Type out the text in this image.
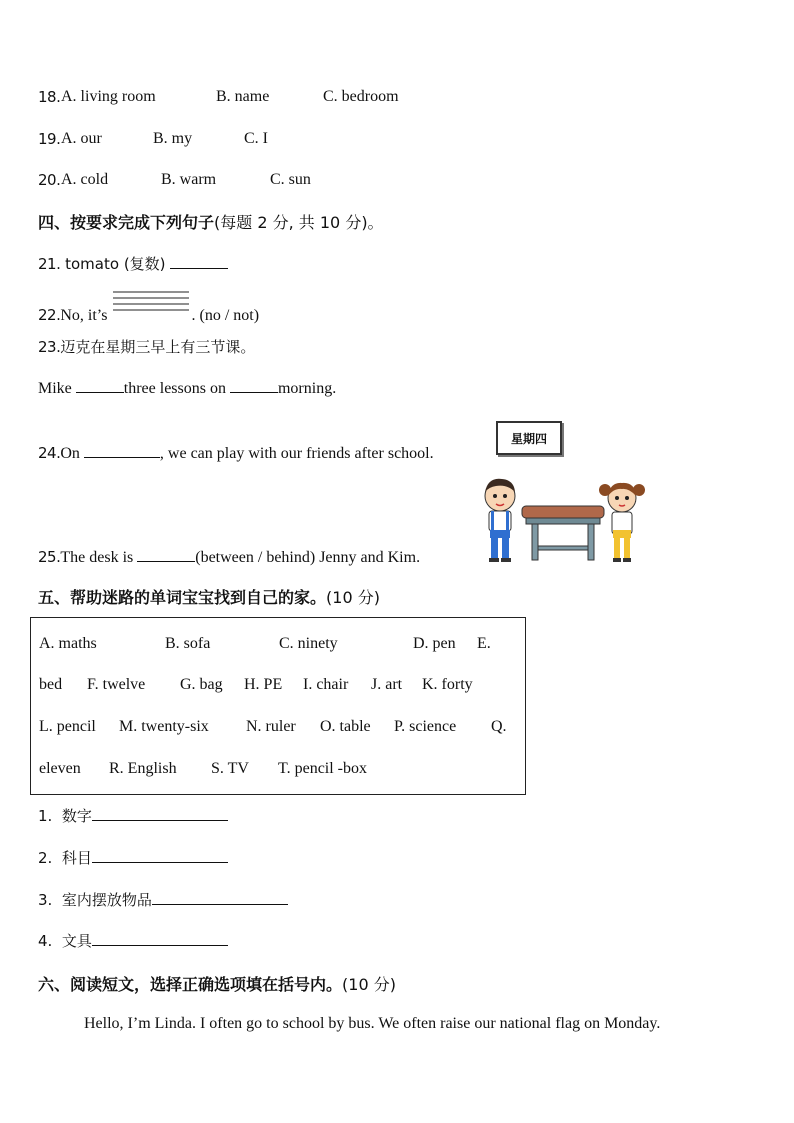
18. A. living room	B. name	C. bedroom
19. A. our	B. my	C. I
20. A. cold	B. warm	C. sun
四、按要求完成下列句子(每题 2 分, 共 10 分)。
21. tomato (复数)
22.No, it’s	. (no / not)
23.迈克在星期三早上有三节课。
Mike	three lessons on	morning.
24.On	, we can play with our friends after school.
星期四
25.The desk is	(between / behind) Jenny and Kim.
五、帮助迷路的单词宝宝找到自己的家。(10 分)
A. maths	B. sofa	C. ninety	D. pen E.
bed F. twelve G. bag H. PE I. chair J. art K. forty
L. pencil M. twenty-six N. ruler O. table P. science Q.
eleven R. English S. TV T. pencil -box
1. 数字
2. 科目
3. 室内摆放物品
4. 文具
六、阅读短文，选择正确选项填在括号内。(10 分)
Hello, I’m Linda. I often go to school by bus. We often raise our national flag on Monday.
